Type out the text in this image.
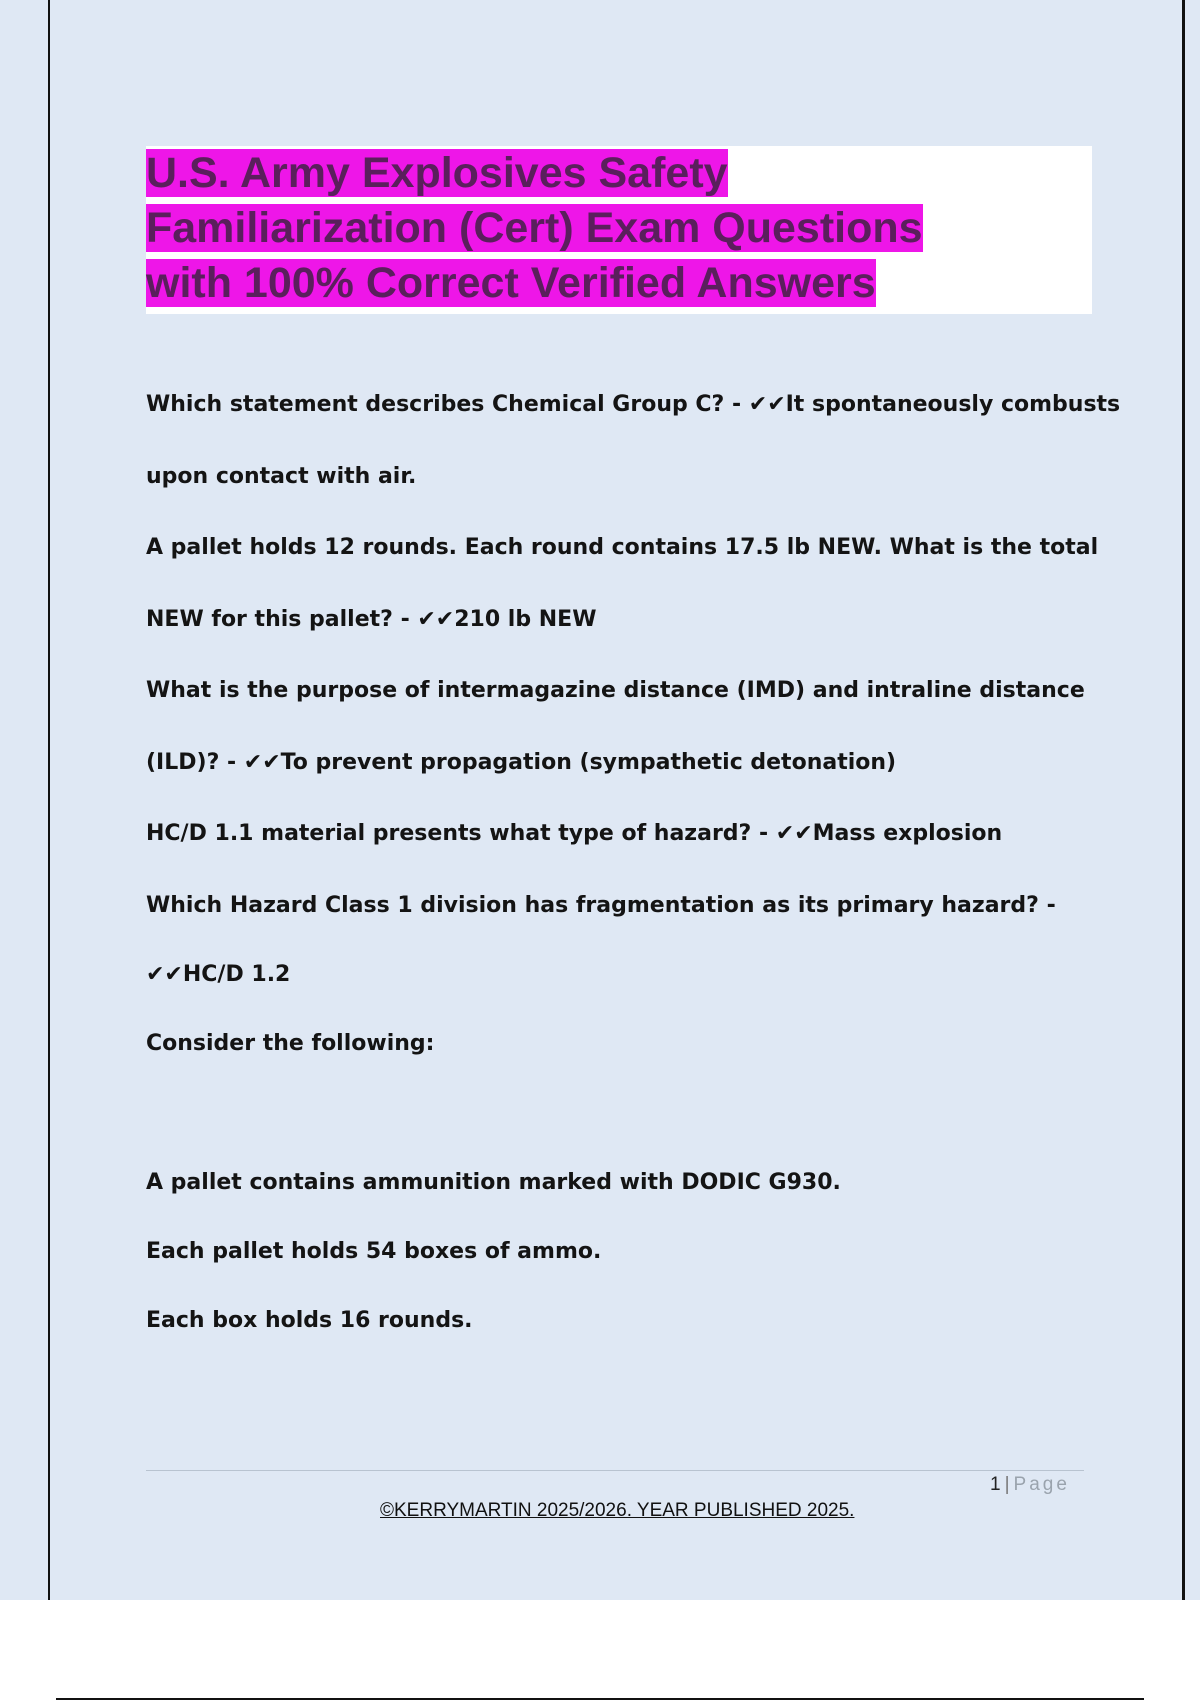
U.S. Army Explosives Safety
Familiarization (Cert) Exam Questions
with 100% Correct Verified Answers
Which statement describes Chemical Group C? - ✔✔It spontaneously combusts
upon contact with air.
A pallet holds 12 rounds. Each round contains 17.5 lb NEW. What is the total
NEW for this pallet? - ✔✔210 lb NEW
What is the purpose of intermagazine distance (IMD) and intraline distance
(ILD)? - ✔✔To prevent propagation (sympathetic detonation)
HC/D 1.1 material presents what type of hazard? - ✔✔Mass explosion
Which Hazard Class 1 division has fragmentation as its primary hazard? -
✔✔HC/D 1.2
Consider the following:
A pallet contains ammunition marked with DODIC G930.
Each pallet holds 54 boxes of ammo.
Each box holds 16 rounds.
1 | Page
©KERRYMARTIN 2025/2026. YEAR PUBLISHED 2025.
